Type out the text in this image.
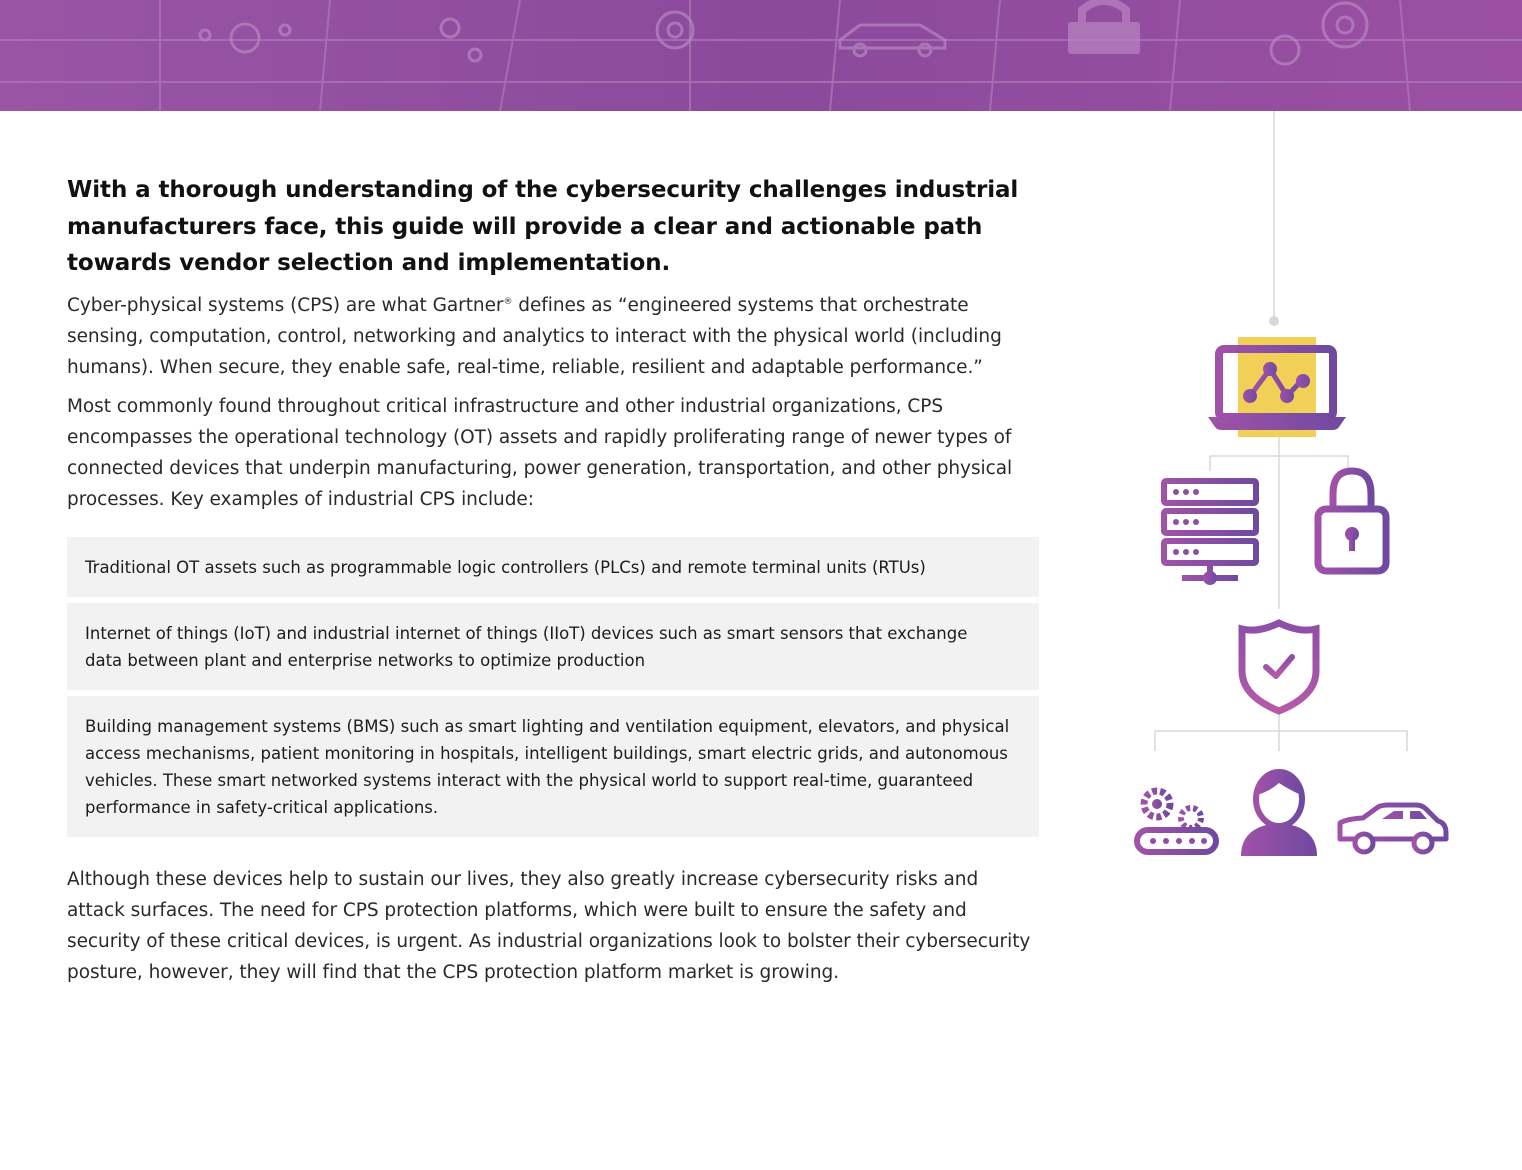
With a thorough understanding of the cybersecurity challenges industrial manufacturers face, this guide will provide a clear and actionable path towards vendor selection and implementation.

Cyber-physical systems (CPS) are what Gartner® defines as “engineered systems that orchestrate sensing, computation, control, networking and analytics to interact with the physical world (including humans). When secure, they enable safe, real-time, reliable, resilient and adaptable performance.”

Most commonly found throughout critical infrastructure and other industrial organizations, CPS encompasses the operational technology (OT) assets and rapidly proliferating range of newer types of connected devices that underpin manufacturing, power generation, transportation, and other physical processes. Key examples of industrial CPS include:

Traditional OT assets such as programmable logic controllers (PLCs) and remote terminal units (RTUs)
Internet of things (IoT) and industrial internet of things (IIoT) devices such as smart sensors that exchange data between plant and enterprise networks to optimize production
Building management systems (BMS) such as smart lighting and ventilation equipment, elevators, and physical access mechanisms, patient monitoring in hospitals, intelligent buildings, smart electric grids, and autonomous vehicles. These smart networked systems interact with the physical world to support real-time, guaranteed performance in safety-critical applications.

Although these devices help to sustain our lives, they also greatly increase cybersecurity risks and attack surfaces. The need for CPS protection platforms, which were built to ensure the safety and security of these critical devices, is urgent. As industrial organizations look to bolster their cybersecurity posture, however, they will find that the CPS protection platform market is growing.
